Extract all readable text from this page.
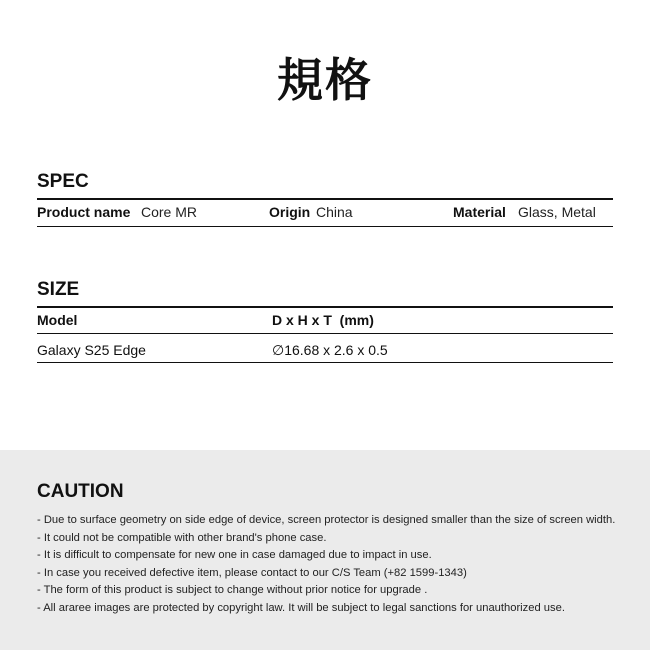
規格
SPEC
Product name Core MR	Origin China	Material Glass, Metal
SIZE
Model	D x H x T  (mm)
Galaxy S25 Edge	∅16.68 x 2.6 x 0.5
CAUTION
- Due to surface geometry on side edge of device, screen protector is designed smaller than the size of screen width.
- It could not be compatible with other brand's phone case.
- It is difficult to compensate for new one in case damaged due to impact in use.
- In case you received defective item, please contact to our C/S Team (+82 1599-1343)
- The form of this product is subject to change without prior notice for upgrade .
- All araree images are protected by copyright law. It will be subject to legal sanctions for unauthorized use.
